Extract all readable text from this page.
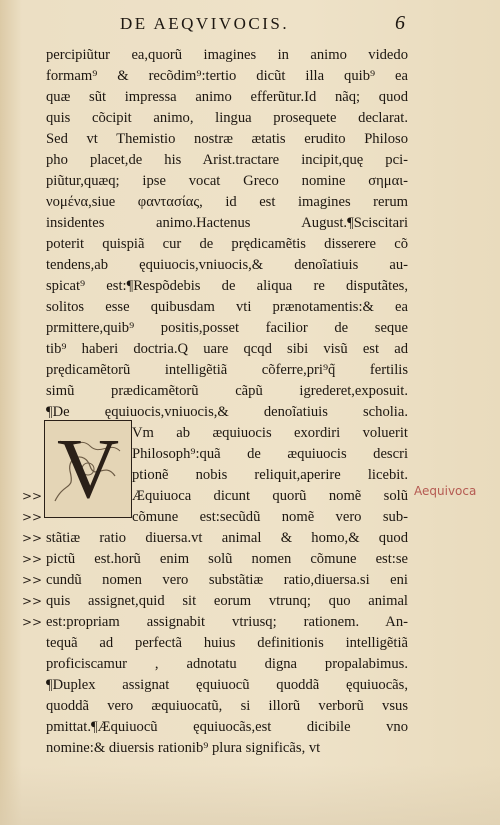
DE AEQVIVOCIS.	6
V
percipiũtur ea,quorũ imagines in animo videdo
formam⁹ & recõdim⁹:tertio dicũt illa quib⁹ ea
quæ sũt impressa animo efferũtur.Id nãq; quod
quis cõcipit animo, lingua prosequete declarat.
Sed vt Themistio nostræ ætatis erudito Philoso
pho placet,de his Arist.tractare incipit,quę pci-
piũtur,quæq; ipse vocat Greco nomine σημαι-
νομένα,siue φαντασίας, id est imagines rerum
insidentes animo.Hactenus August.¶Sciscitari
poterit quispiã cur de prędicamẽtis disserere cõ
tendens,ab ęquiuocis,vniuocis,& denoĩatiuis au-
spicat⁹ est:¶Respõdebis de aliqua re disputãtes,
solitos esse quibusdam vti prænotamentis:& ea
prmittere,quib⁹ positis,posset facilior de seque
tib⁹ haberi doctria.Q uare qcqd sibi visũ est ad
prędicamẽtorũ intelligẽtiã cõferre,pri⁹q̃ fertilis
simũ prædicamẽtorũ cãpũ igrederet,exposuit.
¶De ęquiuocis,vniuocis,& denoĩatiuis scholia.
Vm ab æquiuocis exordiri voluerit
Philosoph⁹:quã de æquiuocis descri
ptionẽ nobis reliquit,aperire licebit.
>>	Æquiuoca dicunt quorũ nomẽ solũ
>>	cõmune est:secũdũ nomẽ vero sub-
>> stãtiæ ratio diuersa.vt animal & homo,& quod
>> pictũ est.horũ enim solũ nomen cõmune est:se
>> cundũ nomen vero substãtiæ ratio,diuersa.si eni
>> quis assignet,quid sit eorum vtrunq; quo animal
>> est:propriam assignabit vtriusq; rationem. An-
tequã ad perfectã huius definitionis intelligẽtiã
proficiscamur , adnotatu digna propalabimus.
¶Duplex assignat ęquiuocũ quoddã ęquiuocãs,
quoddã vero æquiuocatũ, si illorũ verborũ vsus
pmittat.¶Æquiuocũ ęquiuocãs,est dicibile vno
nomine:& diuersis rationib⁹ plura significãs, vt
Aequivoca
